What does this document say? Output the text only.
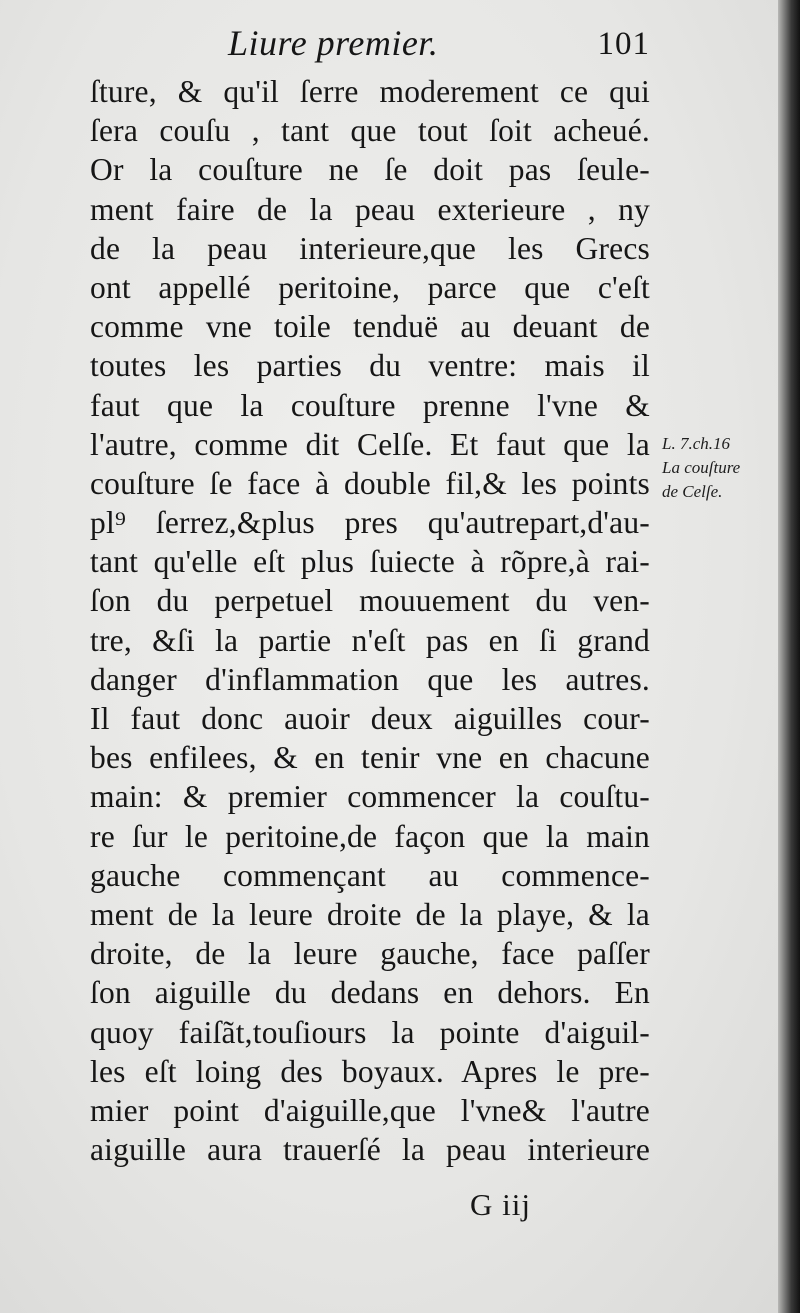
Liure premier.	101
ſture, & qu'il ſerre moderement ce qui
ſera couſu , tant que tout ſoit acheué.
Or la couſture ne ſe doit pas ſeule-
ment faire de la peau exterieure , ny
de la peau interieure,que les Grecs
ont appellé peritoine, parce que c'eſt
comme vne toile tenduë au deuant de
toutes les parties du ventre: mais il
faut que la couſture prenne l'vne &
l'autre, comme dit Celſe. Et faut que la
couſture ſe face à double fil,& les points
pl⁹ ſerrez,&plus pres qu'autrepart,d'au-
tant qu'elle eſt plus ſuiecte à rõpre,à rai-
ſon du perpetuel mouuement du ven-
tre, &ſi la partie n'eſt pas en ſi grand
danger d'inflammation que les autres.
Il faut donc auoir deux aiguilles cour-
bes enfilees, & en tenir vne en chacune
main: & premier commencer la couſtu-
re ſur le peritoine,de façon que la main
gauche commençant au commence-
ment de la leure droite de la playe, & la
droite, de la leure gauche, face paſſer
ſon aiguille du dedans en dehors. En
quoy faiſãt,touſiours la pointe d'aiguil-
les eſt loing des boyaux. Apres le pre-
mier point d'aiguille,que l'vne& l'autre
aiguille aura trauerſé la peau interieure
L. 7.ch.16
La couſture
de Celſe.
G iij
